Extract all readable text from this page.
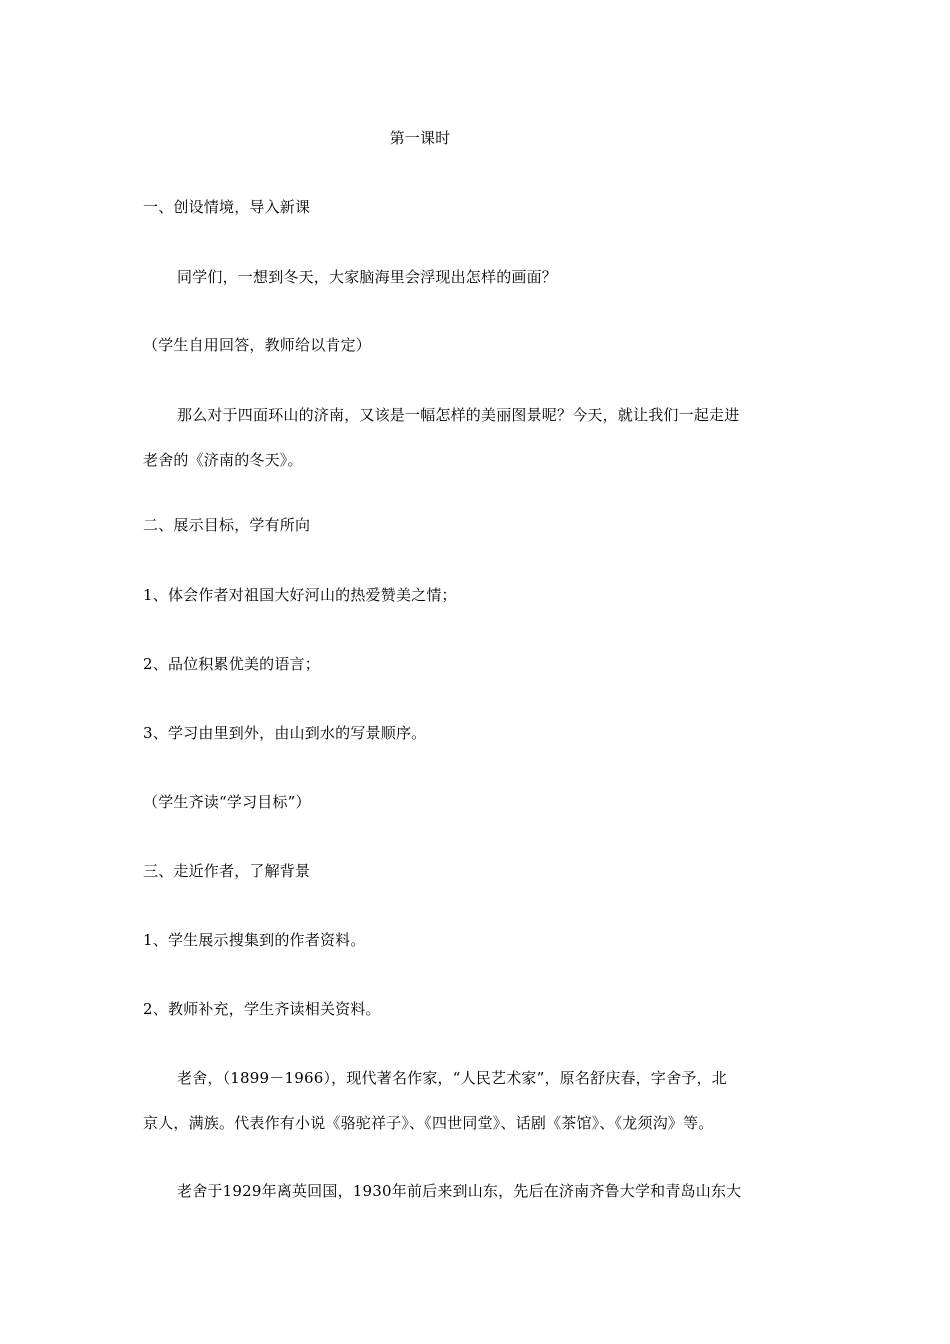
第一课时
一、创设情境，导入新课
同学们，一想到冬天，大家脑海里会浮现出怎样的画面？
（学生自用回答，教师给以肯定）
那么对于四面环山的济南，又该是一幅怎样的美丽图景呢？今天，就让我们一起走进
老舍的《济南的冬天》。
二、展示目标，学有所向
1、体会作者对祖国大好河山的热爱赞美之情；
2、品位积累优美的语言；
3、学习由里到外，由山到水的写景顺序。
（学生齐读“学习目标”）
三、走近作者，了解背景
1、学生展示搜集到的作者资料。
2、教师补充，学生齐读相关资料。
老舍，（1899－1966），现代著名作家，“人民艺术家”，原名舒庆春，字舍予，北
京人，满族。代表作有小说《骆驼祥子》、《四世同堂》、话剧《茶馆》、《龙须沟》等。
老舍于1929年离英回国，1930年前后来到山东，先后在济南齐鲁大学和青岛山东大
